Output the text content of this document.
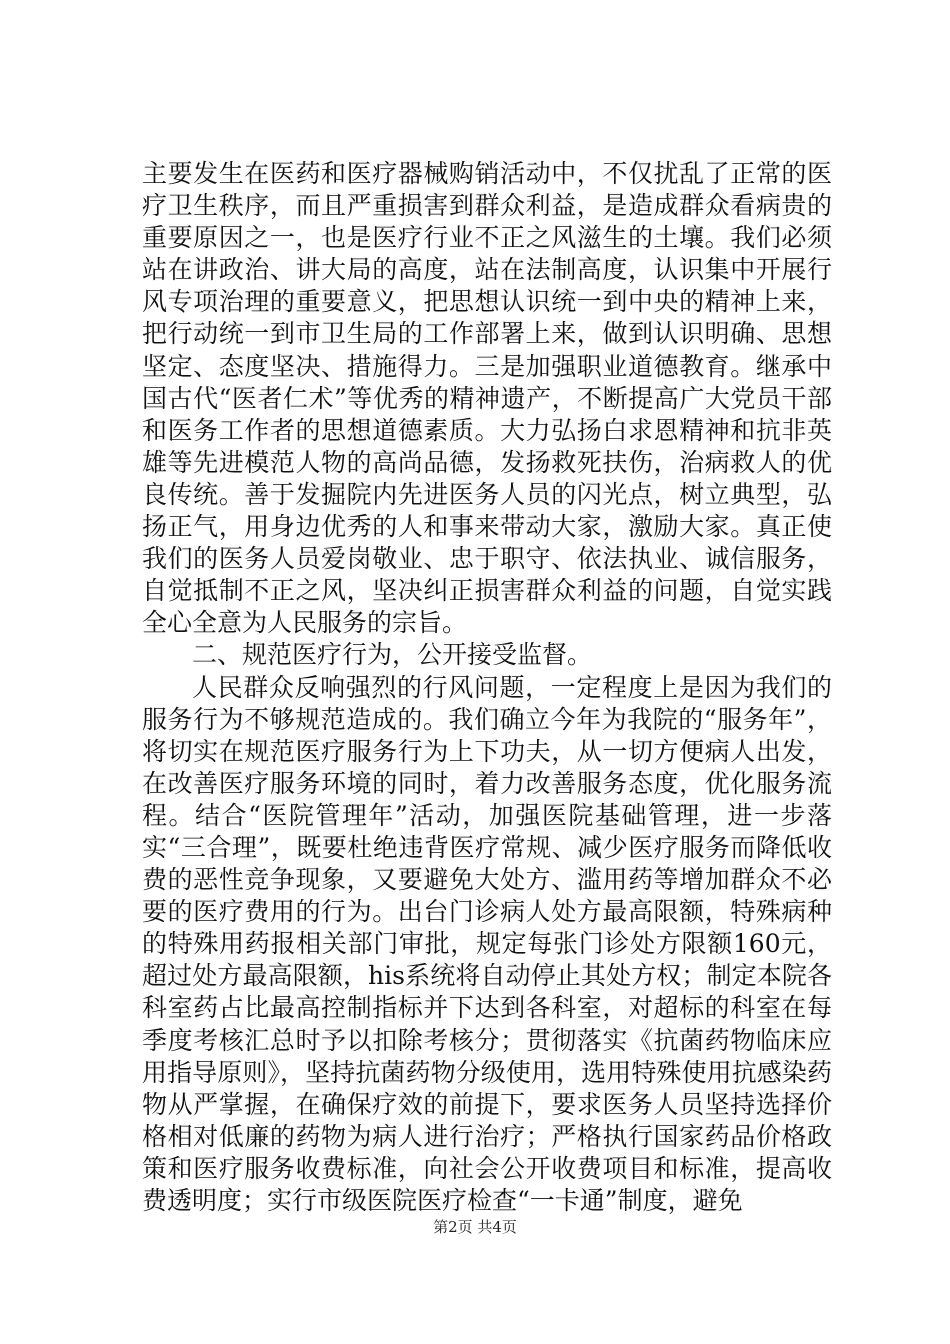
主要发生在医药和医疗器械购销活动中，不仅扰乱了正常的医疗卫生秩序，而且严重损害到群众利益，是造成群众看病贵的重要原因之一，也是医疗行业不正之风滋生的土壤。我们必须站在讲政治、讲大局的高度，站在法制高度，认识集中开展行风专项治理的重要意义，把思想认识统一到中央的精神上来，把行动统一到市卫生局的工作部署上来，做到认识明确、思想坚定、态度坚决、措施得力。三是加强职业道德教育。继承中国古代“医者仁术”等优秀的精神遗产，不断提高广大党员干部和医务工作者的思想道德素质。大力弘扬白求恩精神和抗非英雄等先进模范人物的高尚品德，发扬救死扶伤，治病救人的优良传统。善于发掘院内先进医务人员的闪光点，树立典型，弘扬正气，用身边优秀的人和事来带动大家，激励大家。真正使我们的医务人员爱岗敬业、忠于职守、依法执业、诚信服务，自觉抵制不正之风，坚决纠正损害群众利益的问题，自觉实践全心全意为人民服务的宗旨。

二、规范医疗行为，公开接受监督。

人民群众反响强烈的行风问题，一定程度上是因为我们的服务行为不够规范造成的。我们确立今年为我院的“服务年”，将切实在规范医疗服务行为上下功夫，从一切方便病人出发，在改善医疗服务环境的同时，着力改善服务态度，优化服务流程。结合“医院管理年”活动，加强医院基础管理，进一步落实“三合理”，既要杜绝违背医疗常规、减少医疗服务而降低收费的恶性竞争现象，又要避免大处方、滥用药等增加群众不必要的医疗费用的行为。出台门诊病人处方最高限额，特殊病种的特殊用药报相关部门审批，规定每张门诊处方限额160元，超过处方最高限额，his系统将自动停止其处方权；制定本院各科室药占比最高控制指标并下达到各科室，对超标的科室在每季度考核汇总时予以扣除考核分；贯彻落实《抗菌药物临床应用指导原则》，坚持抗菌药物分级使用，选用特殊使用抗感染药物从严掌握，在确保疗效的前提下，要求医务人员坚持选择价格相对低廉的药物为病人进行治疗；严格执行国家药品价格政策和医疗服务收费标准，向社会公开收费项目和标准，提高收费透明度；实行市级医院医疗检查“一卡通”制度，避免

第2页 共4页
